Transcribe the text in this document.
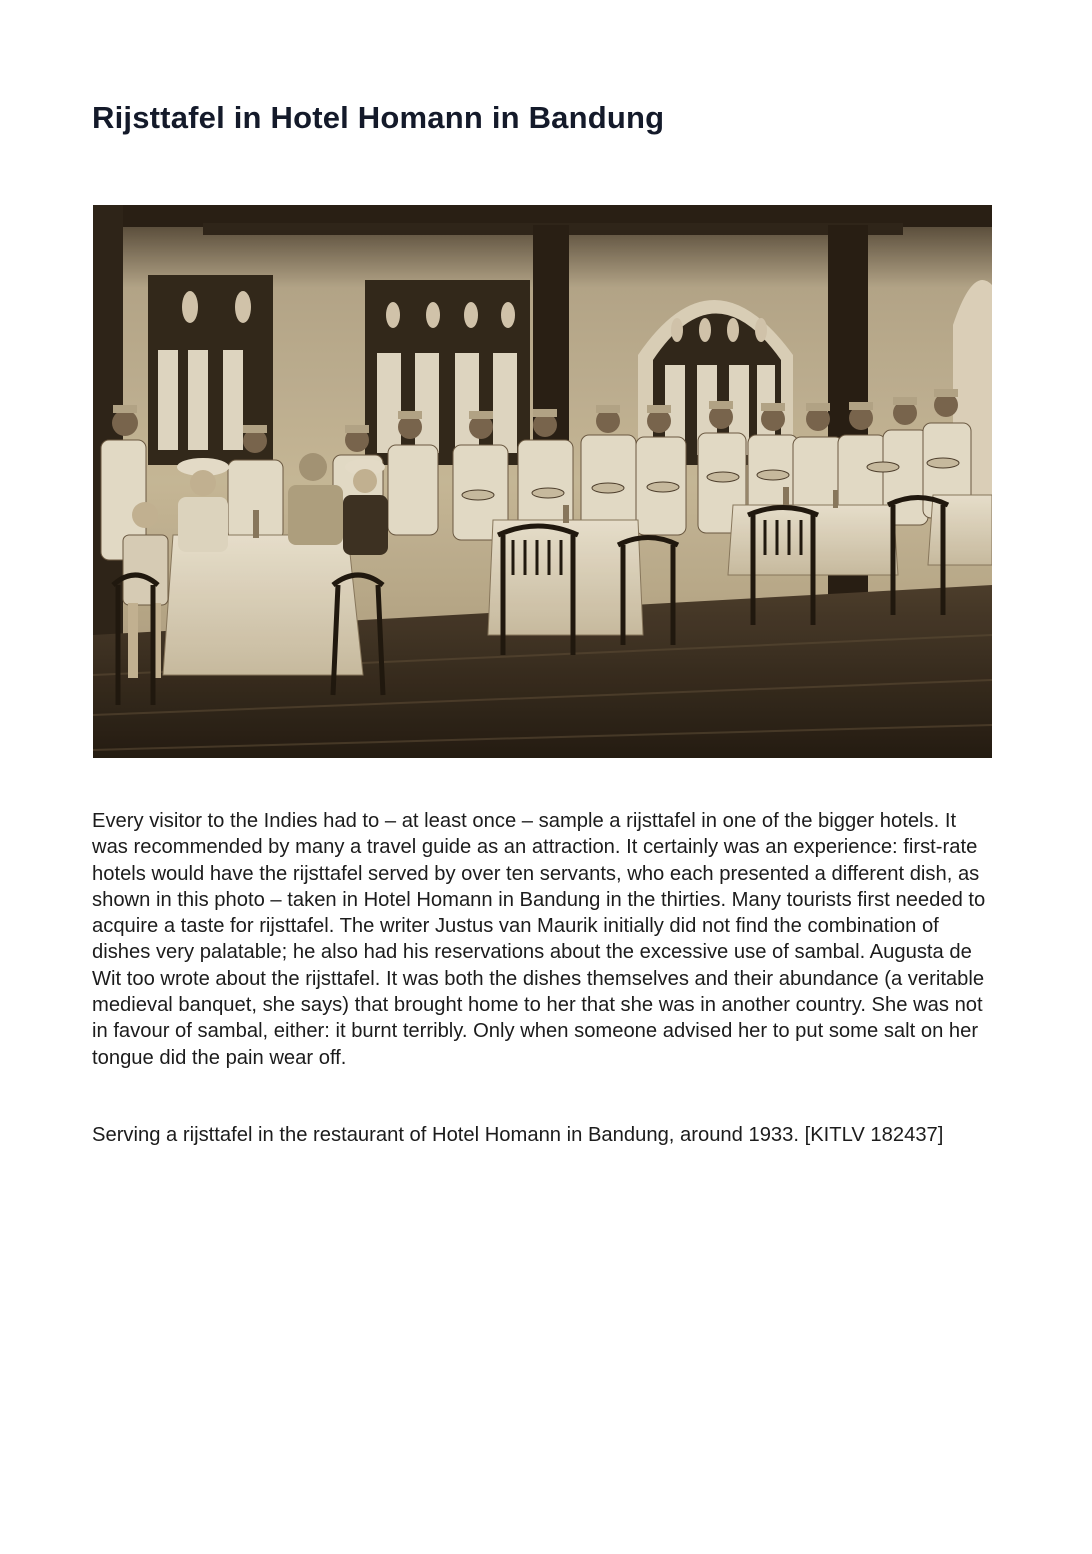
Rijsttafel in Hotel Homann in Bandung

Every visitor to the Indies had to – at least once – sample a rijsttafel in one of the bigger hotels. It was recommended by many a travel guide as an attraction. It certainly was an experience: first-rate hotels would have the rijsttafel served by over ten servants, who each presented a different dish, as shown in this photo – taken in Hotel Homann in Bandung in the thirties. Many tourists first needed to acquire a taste for rijsttafel. The writer Justus van Maurik initially did not find the combination of dishes very palatable; he also had his reservations about the excessive use of sambal. Augusta de Wit too wrote about the rijsttafel. It was both the dishes themselves and their abundance (a veritable medieval banquet, she says) that brought home to her that she was in another country. She was not in favour of sambal, either: it burnt terribly. Only when someone advised her to put some salt on her tongue did the pain wear off.

Serving a rijsttafel in the restaurant of Hotel Homann in Bandung, around 1933. [KITLV 182437]
